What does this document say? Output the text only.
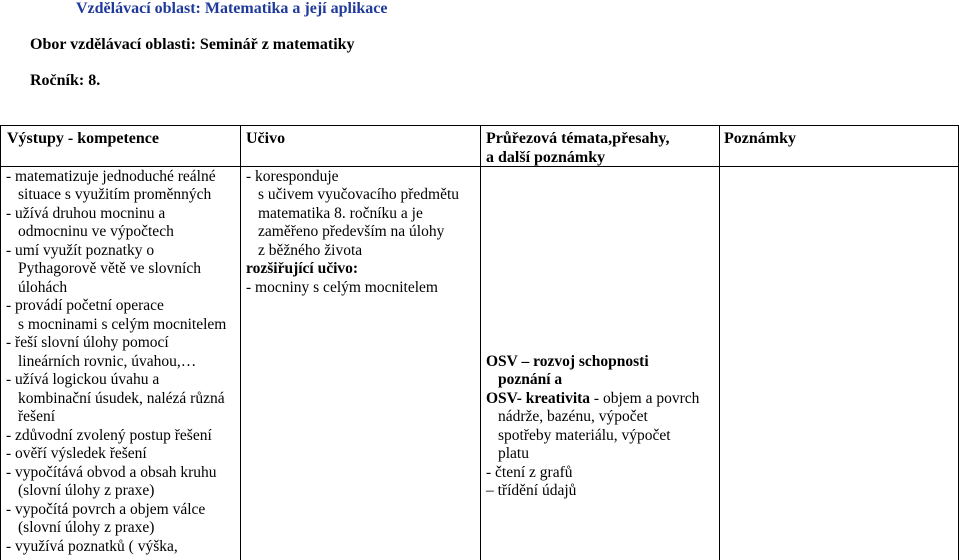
Vzdělávací oblast: Matematika a její aplikace
Obor vzdělávací oblasti: Seminář z matematiky
Ročník: 8.
Výstupy - kompetence	Učivo	Průřezová témata,přesahy,
a další poznámky
Poznámky
- matematizuje jednoduché reálné
situace s využitím proměnných
- užívá druhou mocninu a
odmocninu ve výpočtech
- umí využít poznatky o
Pythagorově větě ve slovních
úlohách
- provádí početní operace
s mocninami s celým mocnitelem
- řeší slovní úlohy pomocí
lineárních rovnic, úvahou,…
- užívá logickou úvahu a
kombinační úsudek, nalézá různá
řešení
- zdůvodní zvolený postup řešení
- ověří výsledek řešení
- vypočítává obvod a obsah kruhu
(slovní úlohy z praxe)
- vypočítá povrch a objem válce
(slovní úlohy z praxe)
- využívá poznatků ( výška,
- koresponduje
s učivem vyučovacího předmětu
matematika 8. ročníku a je
zaměřeno především na úlohy
z běžného života
rozšiřující učivo:
- mocniny s celým mocnitelem
OSV – rozvoj schopnosti
poznání a
OSV- kreativita - objem a povrch
nádrže, bazénu, výpočet
spotřeby materiálu, výpočet
platu
- čtení z grafů
– třídění údajů
